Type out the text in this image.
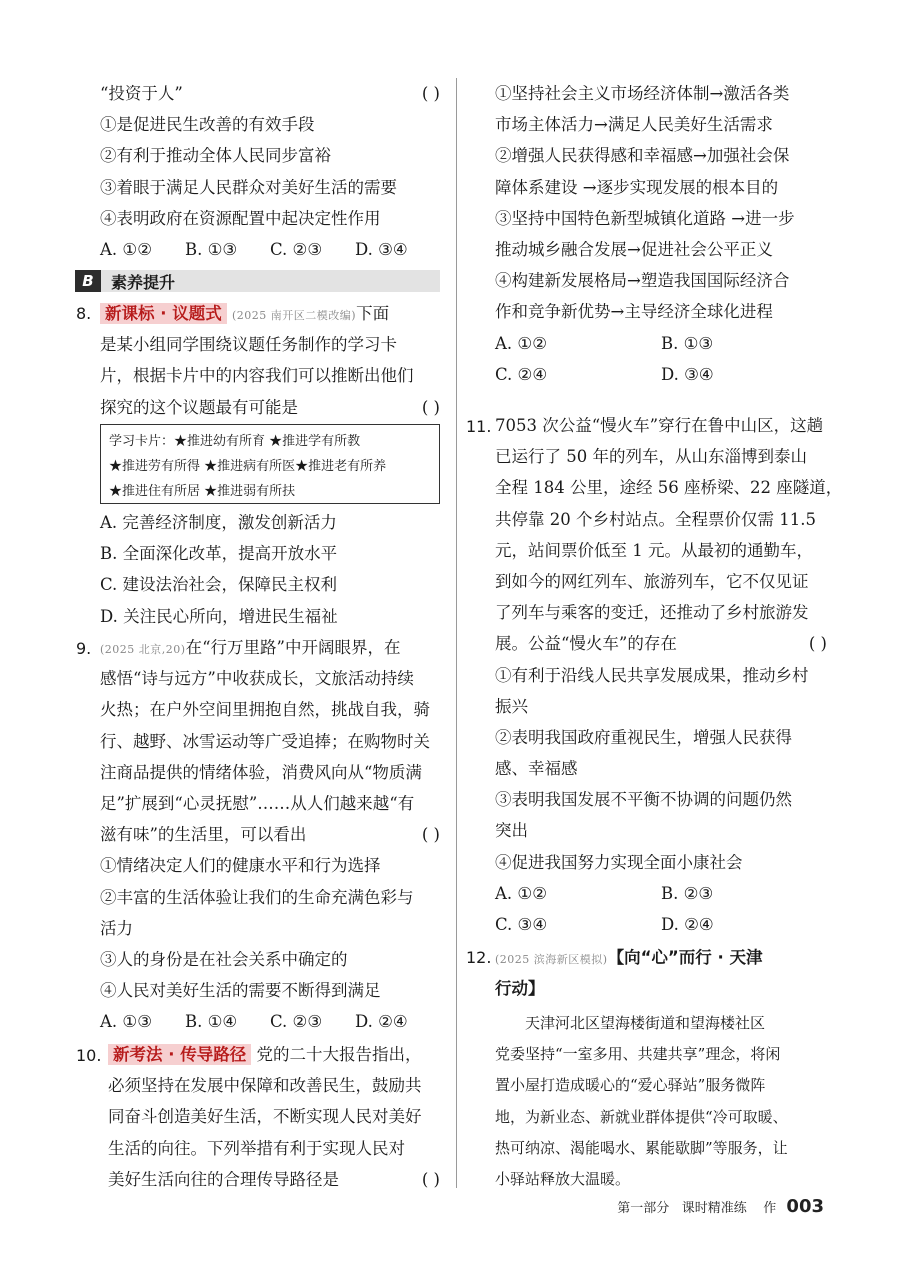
“投资于人”	( )
①是促进民生改善的有效手段
②有利于推动全体人民同步富裕
③着眼于满足人民群众对美好生活的需要
④表明政府在资源配置中起决定性作用
A. ①②	B. ①③	C. ②③	D. ③④
B	素养提升
8. 新课标 · 议题式 (2025 南开区二模改编)下面
是某小组同学围绕议题任务制作的学习卡
片，根据卡片中的内容我们可以推断出他们
探究的这个议题最有可能是	( )
学习卡片：★推进幼有所育 ★推进学有所教
★推进劳有所得 ★推进病有所医★推进老有所养
★推进住有所居 ★推进弱有所扶
A. 完善经济制度，激发创新活力
B. 全面深化改革，提高开放水平
C. 建设法治社会，保障民主权利
D. 关注民心所向，增进民生福祉
9. (2025 北京,20)在“行万里路”中开阔眼界，在
感悟“诗与远方”中收获成长，文旅活动持续
火热；在户外空间里拥抱自然，挑战自我，骑
行、越野、冰雪运动等广受追捧；在购物时关
注商品提供的情绪体验，消费风向从“物质满
足”扩展到“心灵抚慰”……从人们越来越“有
滋有味”的生活里，可以看出	( )
①情绪决定人们的健康水平和行为选择
②丰富的生活体验让我们的生命充满色彩与
活力
③人的身份是在社会关系中确定的
④人民对美好生活的需要不断得到满足
A. ①③	B. ①④	C. ②③	D. ②④
10. 新考法 · 传导路径 党的二十大报告指出，
必须坚持在发展中保障和改善民生，鼓励共
同奋斗创造美好生活，不断实现人民对美好
生活的向往。下列举措有利于实现人民对
美好生活向往的合理传导路径是	( )
①坚持社会主义市场经济体制→激活各类
市场主体活力→满足人民美好生活需求
②增强人民获得感和幸福感→加强社会保
障体系建设 →逐步实现发展的根本目的
③坚持中国特色新型城镇化道路 →进一步
推动城乡融合发展→促进社会公平正义
④构建新发展格局→塑造我国国际经济合
作和竞争新优势→主导经济全球化进程
A. ①②	B. ①③
C. ②④	D. ③④
11. 7053 次公益“慢火车”穿行在鲁中山区，这趟
已运行了 50 年的列车，从山东淄博到泰山
全程 184 公里，途经 56 座桥梁、22 座隧道，
共停靠 20 个乡村站点。全程票价仅需 11.5
元，站间票价低至 1 元。从最初的通勤车，
到如今的网红列车、旅游列车，它不仅见证
了列车与乘客的变迁，还推动了乡村旅游发
展。公益“慢火车”的存在	( )
①有利于沿线人民共享发展成果，推动乡村
振兴
②表明我国政府重视民生，增强人民获得
感、幸福感
③表明我国发展不平衡不协调的问题仍然
突出
④促进我国努力实现全面小康社会
A. ①②	B. ②③
C. ③④	D. ②④
12. (2025 滨海新区模拟)【向“心”而行 · 天津
行动】
　　天津河北区望海楼街道和望海楼社区
党委坚持“一室多用、共建共享”理念，将闲
置小屋打造成暖心的“爱心驿站”服务微阵
地，为新业态、新就业群体提供“冷可取暖、
热可纳凉、渴能喝水、累能歇脚”等服务，让
小驿站释放大温暖。
第一部分 课时精准练 作 003
